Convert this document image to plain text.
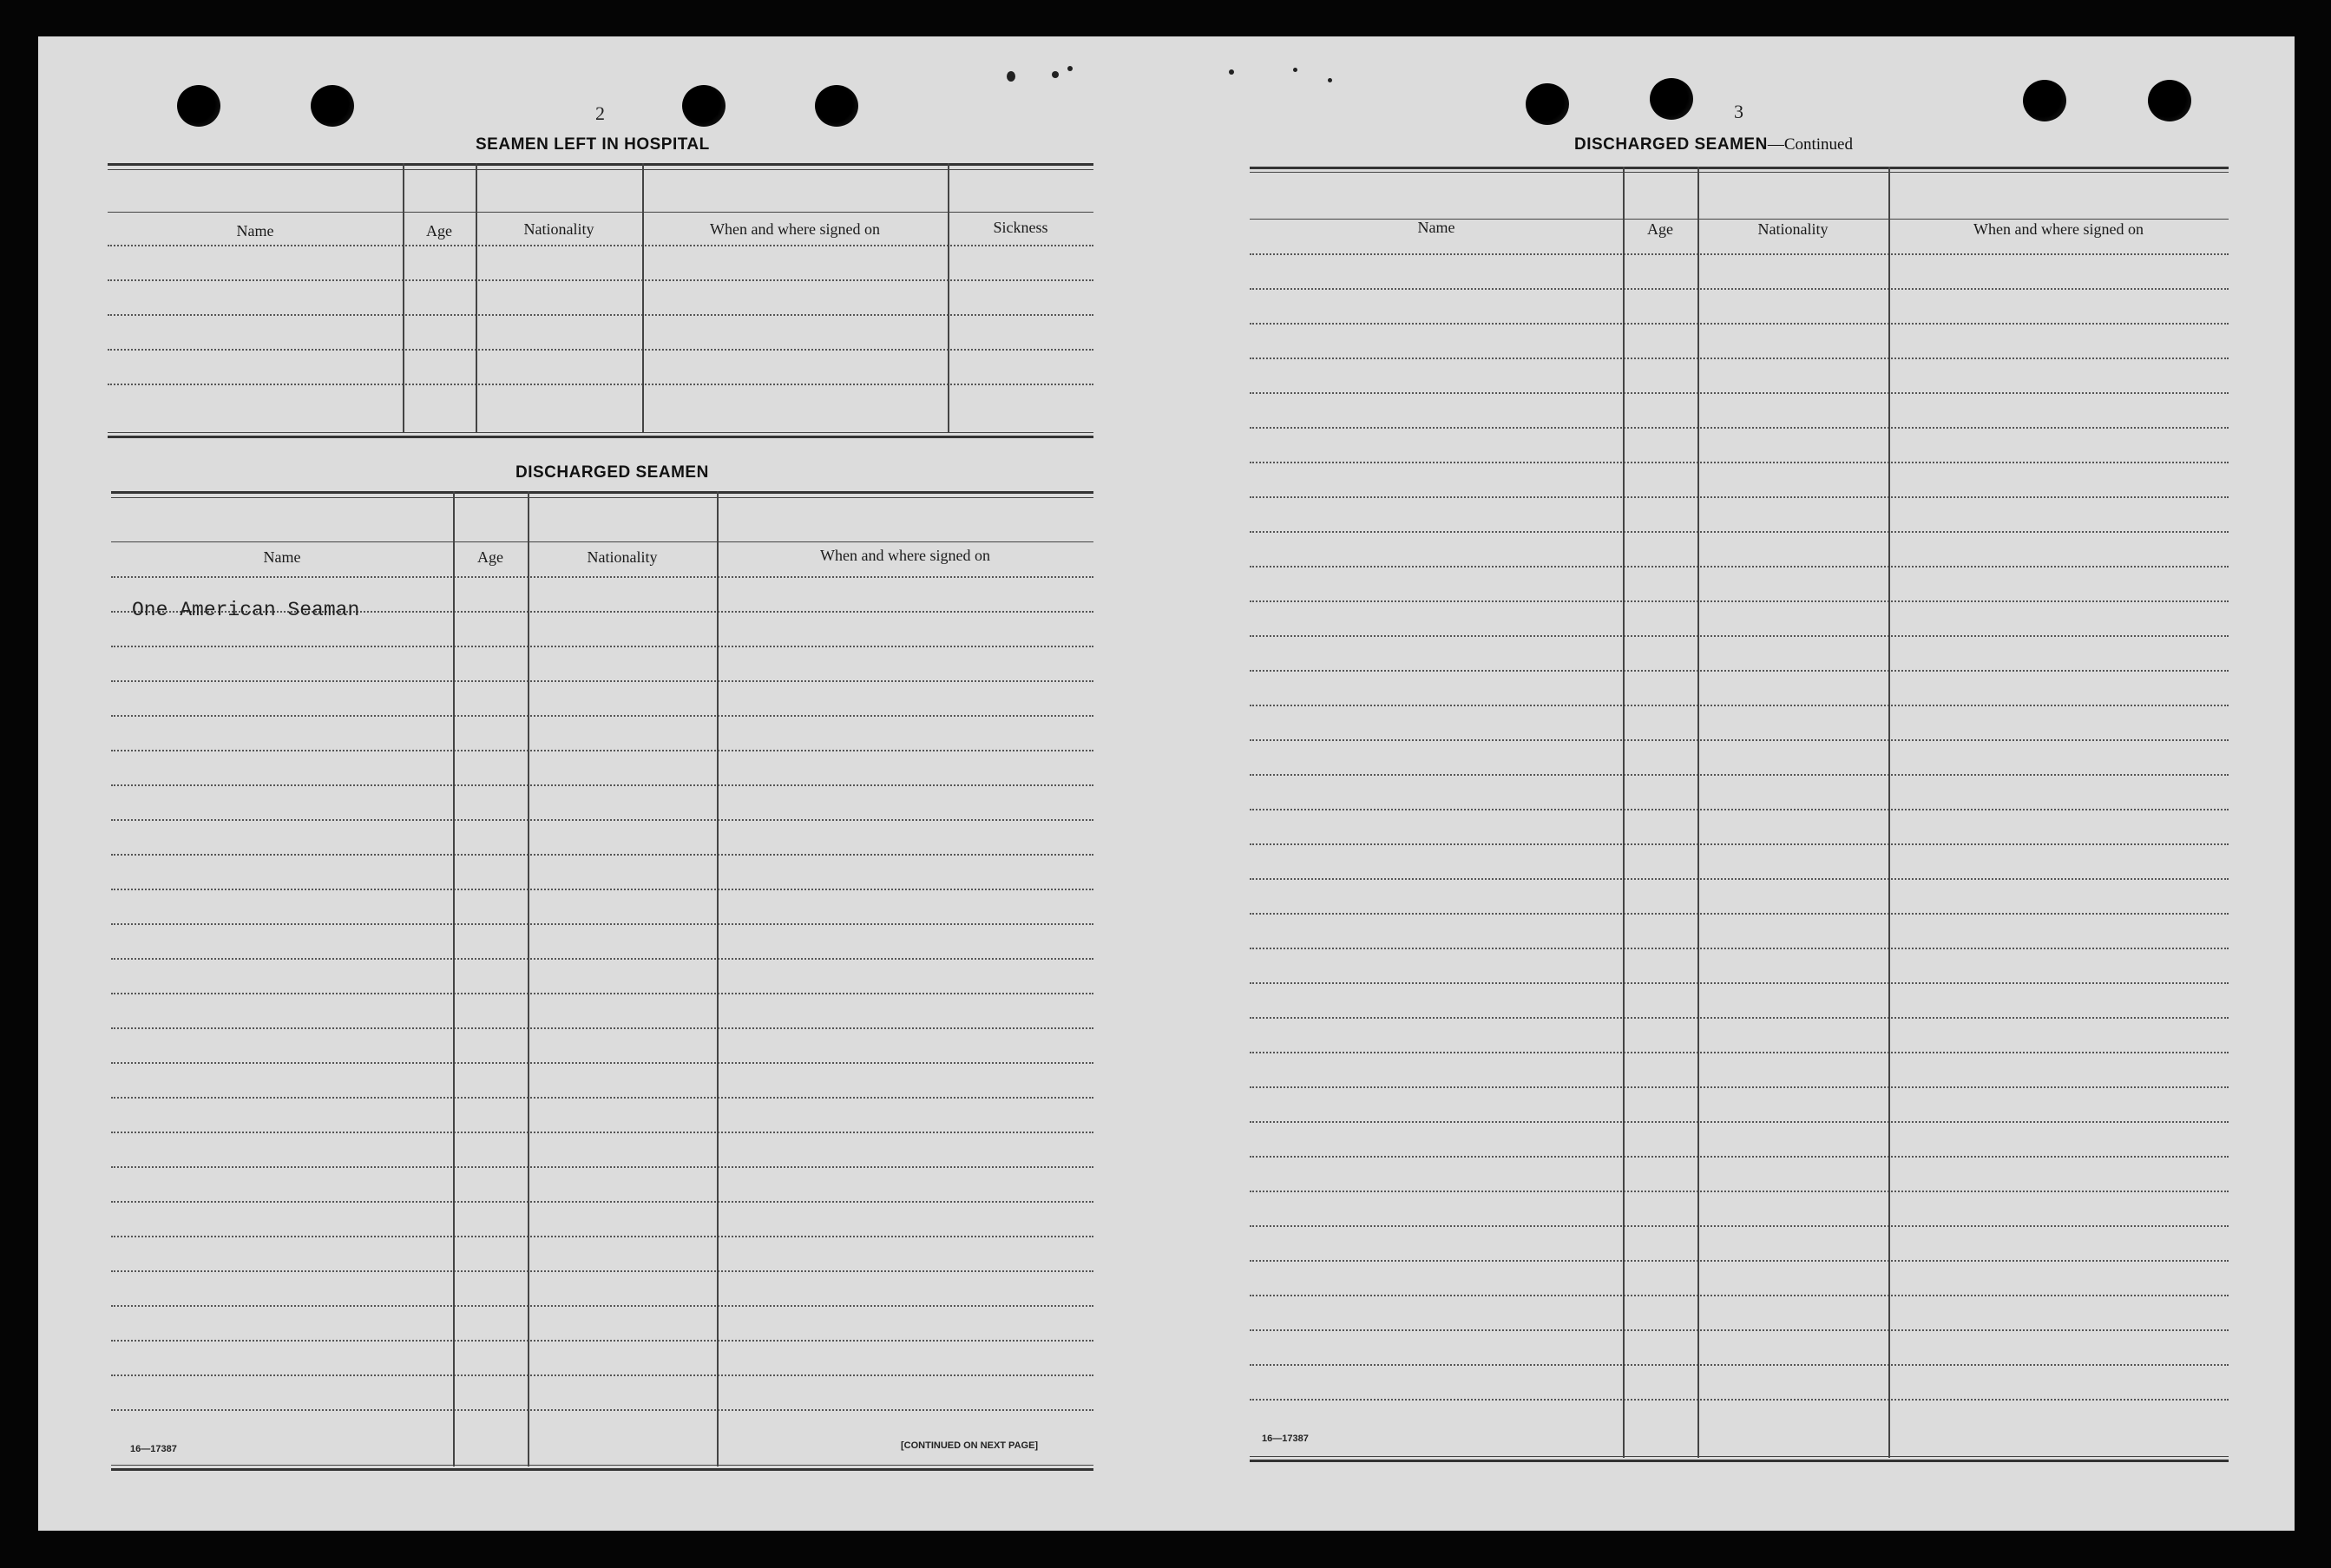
2
SEAMEN LEFT IN HOSPITAL
Name	Age	Nationality	When and where signed on	Sickness
DISCHARGED SEAMEN
Name	Age	Nationality	When and where signed on
One American Seaman
16—17387	[CONTINUED ON NEXT PAGE]
3
DISCHARGED SEAMEN—Continued
Name	Age	Nationality	When and where signed on
16—17387
